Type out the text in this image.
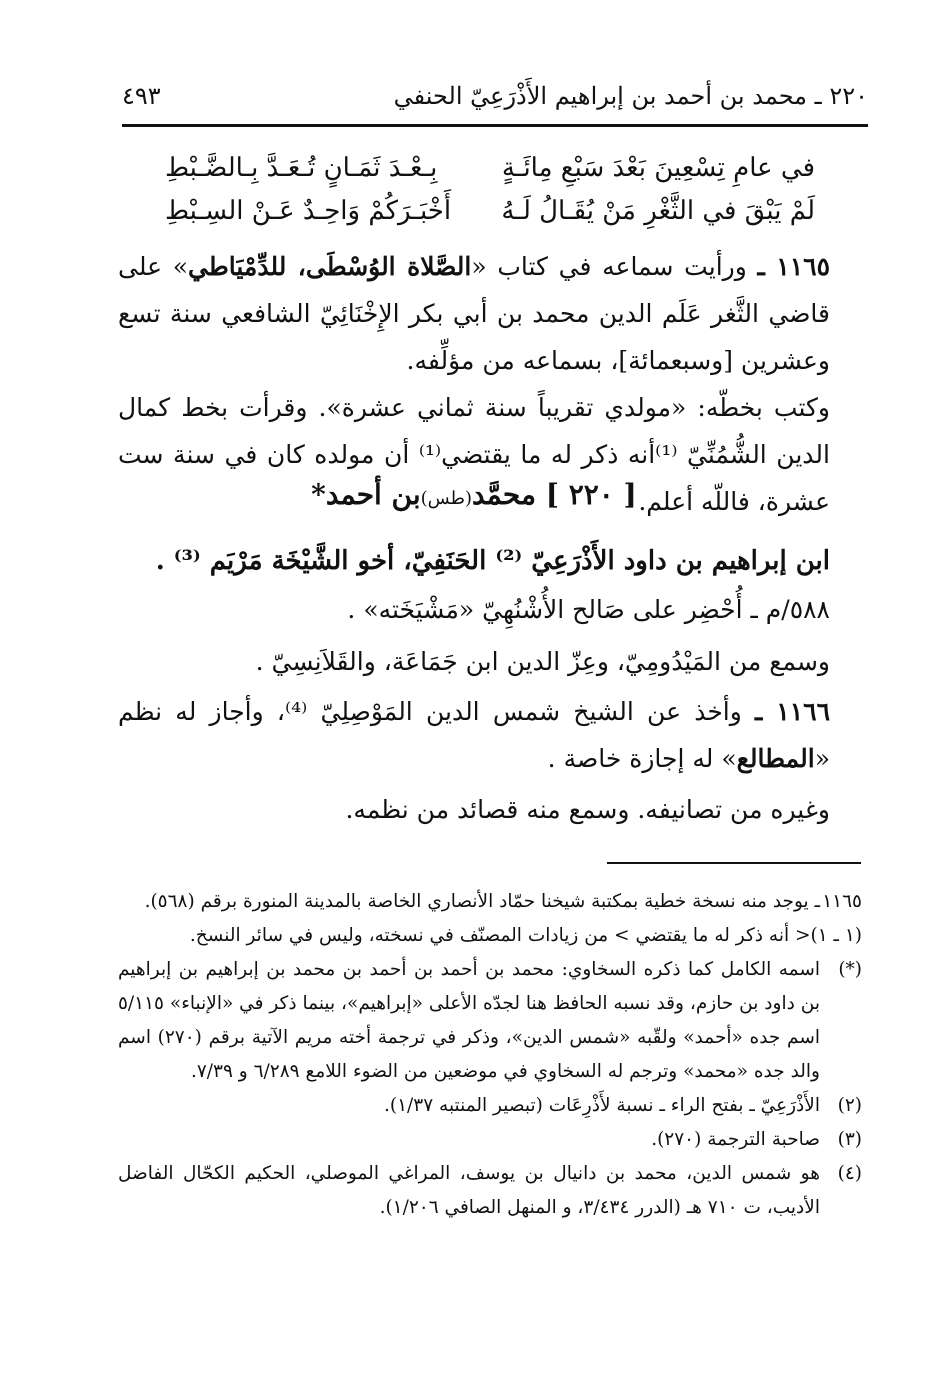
٢٢٠ ـ محمد بن أحمد بن إبراهيم الأَذْرَعِيّ الحنفي
٤٩٣
في عامِ تِسْعِينَ بَعْدَ سَبْعِ مِائَـةٍ
بِـعْـدَ ثَمَـانٍ تُـعَـدَّ بِـالضَّـبْطِ
لَمْ يَبْقَ في الثَّغْرِ مَنْ يُقَـالُ لَـهُ
أَخْبَـرَكُمْ وَاحِـدٌ عَـنْ السِـبْطِ
١١٦٥ ـ ورأيت سماعه في كتاب «الصَّلاة الوُسْطَى، للدِّمْيَاطي» على قاضي الثَّغر عَلَم الدين محمد بن أبي بكر الإِخْنَائِيّ الشافعي سنة تسع وعشرين [وسبعمائة]، بسماعه من مؤلِّفه.
وكتب بخطّه: «مولدي تقريباً سنة ثماني عشرة». وقرأت بخط كمال الدين الشُّمُنِّيّ ⁽¹⁾أنه ذكر له ما يقتضي⁽¹⁾ أن مولده كان في سنة ست عشرة، فاللّه أعلم.
[ ٢٢٠ ] محمَّد(طس)بن أحمد*
ابن إبراهيم بن داود الأَذْرَعِيّ ⁽²⁾ الحَنَفِيّ، أخو الشَّيْخَة مَرْيَم ⁽³⁾ .
٥٨٨/م ـ أُحْضِر على صَالح الأُشْنُهِيّ «مَشْيَخَته» .
وسمع من المَيْدُومِيّ، وعِزّ الدين ابن جَمَاعَة، والقَلاَنِسِيّ .
١١٦٦ ـ وأخذ عن الشيخ شمس الدين المَوْصِلِيّ ⁽⁴⁾، وأجاز له نظم «المطالع» له إجازة خاصة .
وغيره من تصانيفه. وسمع منه قصائد من نظمه.
١١٦٥
ـ يوجد منه نسخة خطية بمكتبة شيخنا حمّاد الأنصاري الخاصة بالمدينة المنورة برقم (٥٦٨).
(١ ـ ١)
< أنه ذكر له ما يقتضي > من زيادات المصنّف في نسخته، وليس في سائر النسخ.
(*)
اسمه الكامل كما ذكره السخاوي: محمد بن أحمد بن أحمد بن محمد بن إبراهيم بن إبراهيم بن داود بن حازم، وقد نسبه الحافظ هنا لجدّه الأعلى «إبراهيم»، بينما ذكر في «الإنباء» ٥/١١٥ اسم جده «أحمد» ولقّبه «شمس الدين»، وذكر في ترجمة أخته مريم الآتية برقم (٢٧٠) اسم والد جده «محمد» وترجم له السخاوي في موضعين من الضوء اللامع ٦/٢٨٩ و ٧/٣٩.
(٢)
الأَذْرَعِيّ ـ بفتح الراء ـ نسبة لأَذْرِعَات (تبصير المنتبه ١/٣٧).
(٣)
صاحبة الترجمة (٢٧٠).
(٤)
هو شمس الدين، محمد بن دانيال بن يوسف، المراغي الموصلي، الحكيم الكحّال الفاضل الأديب، ت ٧١٠ هـ (الدرر ٣/٤٣٤، و المنهل الصافي ١/٢٠٦).
